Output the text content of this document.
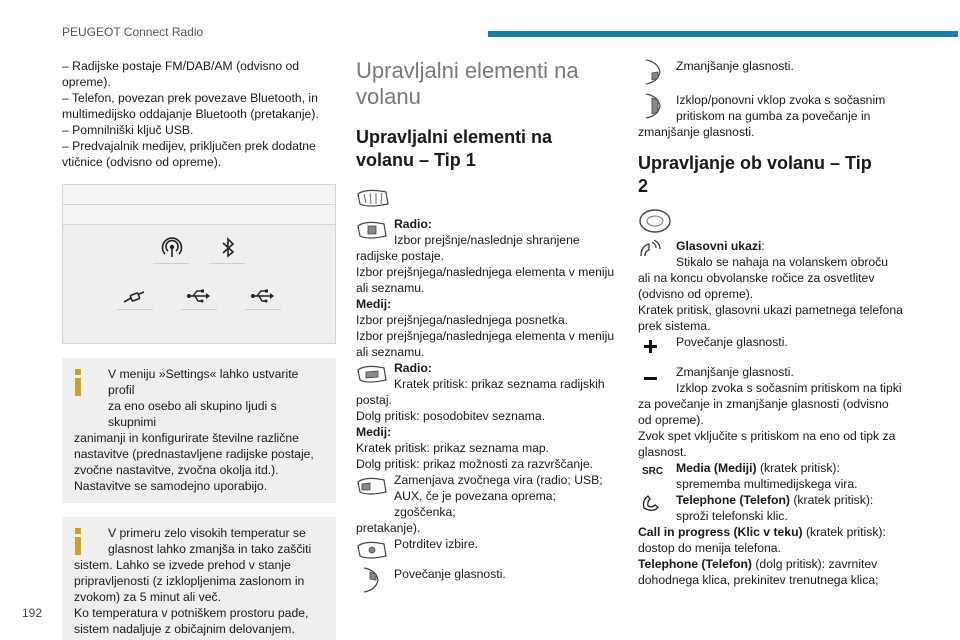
PEUGEOT Connect Radio
– Radijske postaje FM/DAB/AM (odvisno od
opreme).
– Telefon, povezan prek povezave Bluetooth, in
multimedijsko oddajanje Bluetooth (pretakanje).
– Pomnilniški ključ USB.
– Predvajalnik medijev, priključen prek dodatne
vtičnice (odvisno od opreme).
V meniju »Settings« lahko ustvarite profil
za eno osebo ali skupino ljudi s skupnimi
zanimanji in konfigurirate številne različne
nastavitve (prednastavljene radijske postaje,
zvočne nastavitve, zvočna okolja itd.).
Nastavitve se samodejno uporabijo.
V primeru zelo visokih temperatur se
glasnost lahko zmanjša in tako zaščiti
sistem. Lahko se izvede prehod v stanje
pripravljenosti (z izklopljenima zaslonom in
zvokom) za 5 minut ali več.
Ko temperatura v potniškem prostoru pade,
sistem nadaljuje z običajnim delovanjem.
Upravljalni elementi na
volanu
Upravljalni elementi na
volanu – Tip 1
Radio:
Izbor prejšnje/naslednje shranjene
radijske postaje.
Izbor prejšnjega/naslednjega elementa v meniju
ali seznamu.
Medij:
Izbor prejšnjega/naslednjega posnetka.
Izbor prejšnjega/naslednjega elementa v meniju
ali seznamu.
Radio:
Kratek pritisk: prikaz seznama radijskih
postaj.
Dolg pritisk: posodobitev seznama.
Medij:
Kratek pritisk: prikaz seznama map.
Dolg pritisk: prikaz možnosti za razvrščanje.
Zamenjava zvočnega vira (radio; USB;
AUX, če je povezana oprema; zgoščenka;
pretakanje).
Potrditev izbire.
Povečanje glasnosti.
Zmanjšanje glasnosti.
Izklop/ponovni vklop zvoka s sočasnim
pritiskom na gumba za povečanje in
zmanjšanje glasnosti.
Upravljanje ob volanu – Tip
2
Glasovni ukazi:
Stikalo se nahaja na volanskem obroču
ali na koncu obvolanske ročice za osvetlitev
(odvisno od opreme).
Kratek pritisk, glasovni ukazi pametnega telefona
prek sistema.
Povečanje glasnosti.
Zmanjšanje glasnosti.
Izklop zvoka s sočasnim pritiskom na tipki
za povečanje in zmanjšanje glasnosti (odvisno
od opreme).
Zvok spet vključite s pritiskom na eno od tipk za
glasnost.
SRC	Media (Mediji) (kratek pritisk):
sprememba multimedijskega vira.
Telephone (Telefon) (kratek pritisk):
sproži telefonski klic.
Call in progress (Klic v teku) (kratek pritisk):
dostop do menija telefona.
Telephone (Telefon) (dolg pritisk): zavrnitev
dohodnega klica, prekinitev trenutnega klica;
192
